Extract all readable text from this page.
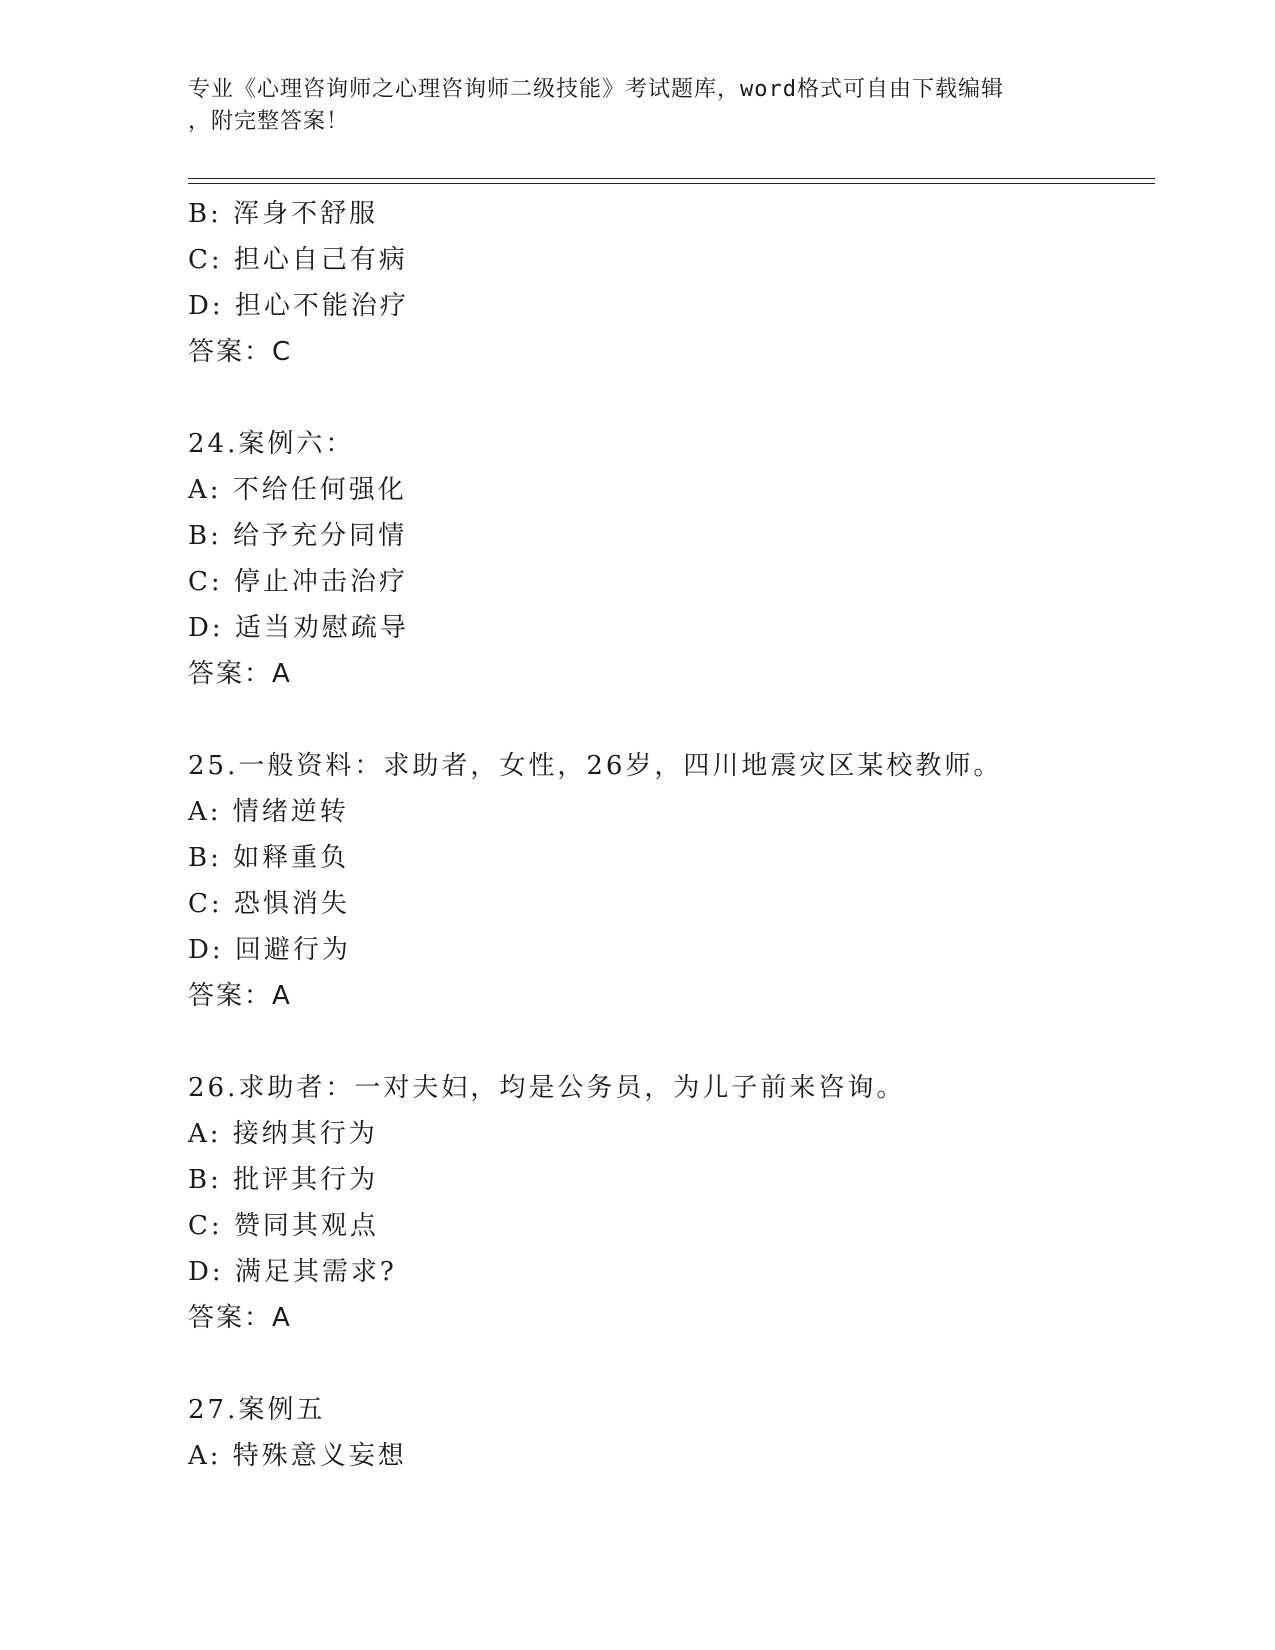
专业《心理咨询师之心理咨询师二级技能》考试题库，word格式可自由下载编辑
，附完整答案！
B: 浑身不舒服
C: 担心自己有病
D: 担心不能治疗
答案：C
24.案例六：
A: 不给任何强化
B: 给予充分同情
C: 停止冲击治疗
D: 适当劝慰疏导
答案：A
25.一般资料：求助者，女性，26岁，四川地震灾区某校教师。
A: 情绪逆转
B: 如释重负
C: 恐惧消失
D: 回避行为
答案：A
26.求助者：一对夫妇，均是公务员，为儿子前来咨询。
A: 接纳其行为
B: 批评其行为
C: 赞同其观点
D: 满足其需求?
答案：A
27.案例五
A: 特殊意义妄想
